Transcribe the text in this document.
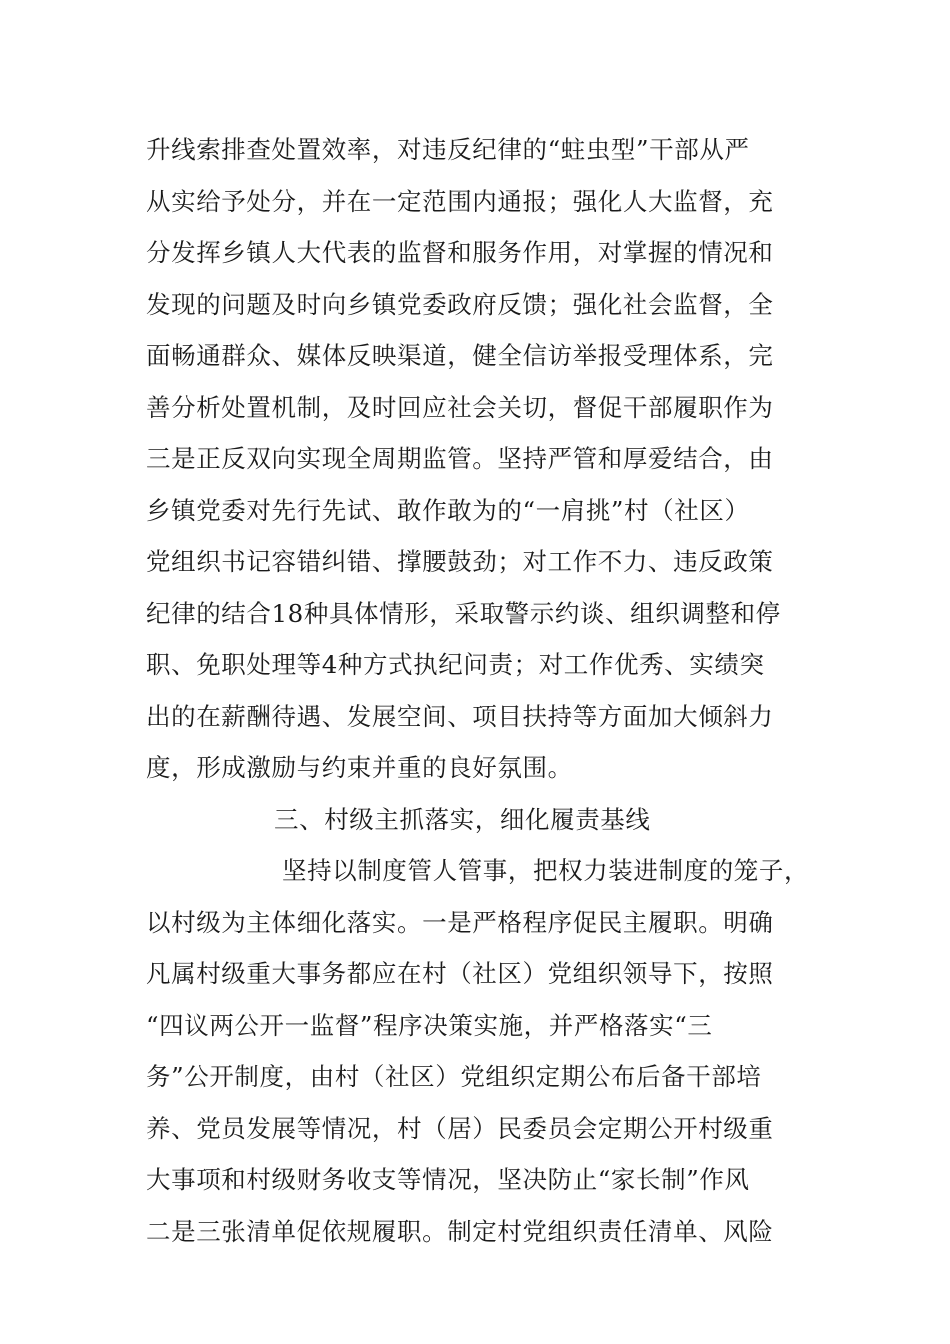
升线索排查处置效率，对违反纪律的“蛀虫型”干部从严
从实给予处分，并在一定范围内通报；强化人大监督，充
分发挥乡镇人大代表的监督和服务作用，对掌握的情况和
发现的问题及时向乡镇党委政府反馈；强化社会监督，全
面畅通群众、媒体反映渠道，健全信访举报受理体系，完
善分析处置机制，及时回应社会关切，督促干部履职作为
三是正反双向实现全周期监管。坚持严管和厚爱结合，由
乡镇党委对先行先试、敢作敢为的“一肩挑”村（社区）
党组织书记容错纠错、撑腰鼓劲；对工作不力、违反政策
纪律的结合18种具体情形，采取警示约谈、组织调整和停
职、免职处理等4种方式执纪问责；对工作优秀、实绩突
出的在薪酬待遇、发展空间、项目扶持等方面加大倾斜力
度，形成激励与约束并重的良好氛围。
三、村级主抓落实，细化履责基线
坚持以制度管人管事，把权力装进制度的笼子，
以村级为主体细化落实。一是严格程序促民主履职。明确
凡属村级重大事务都应在村（社区）党组织领导下，按照
“四议两公开一监督”程序决策实施，并严格落实“三
务”公开制度，由村（社区）党组织定期公布后备干部培
养、党员发展等情况，村（居）民委员会定期公开村级重
大事项和村级财务收支等情况，坚决防止“家长制”作风
二是三张清单促依规履职。制定村党组织责任清单、风险
